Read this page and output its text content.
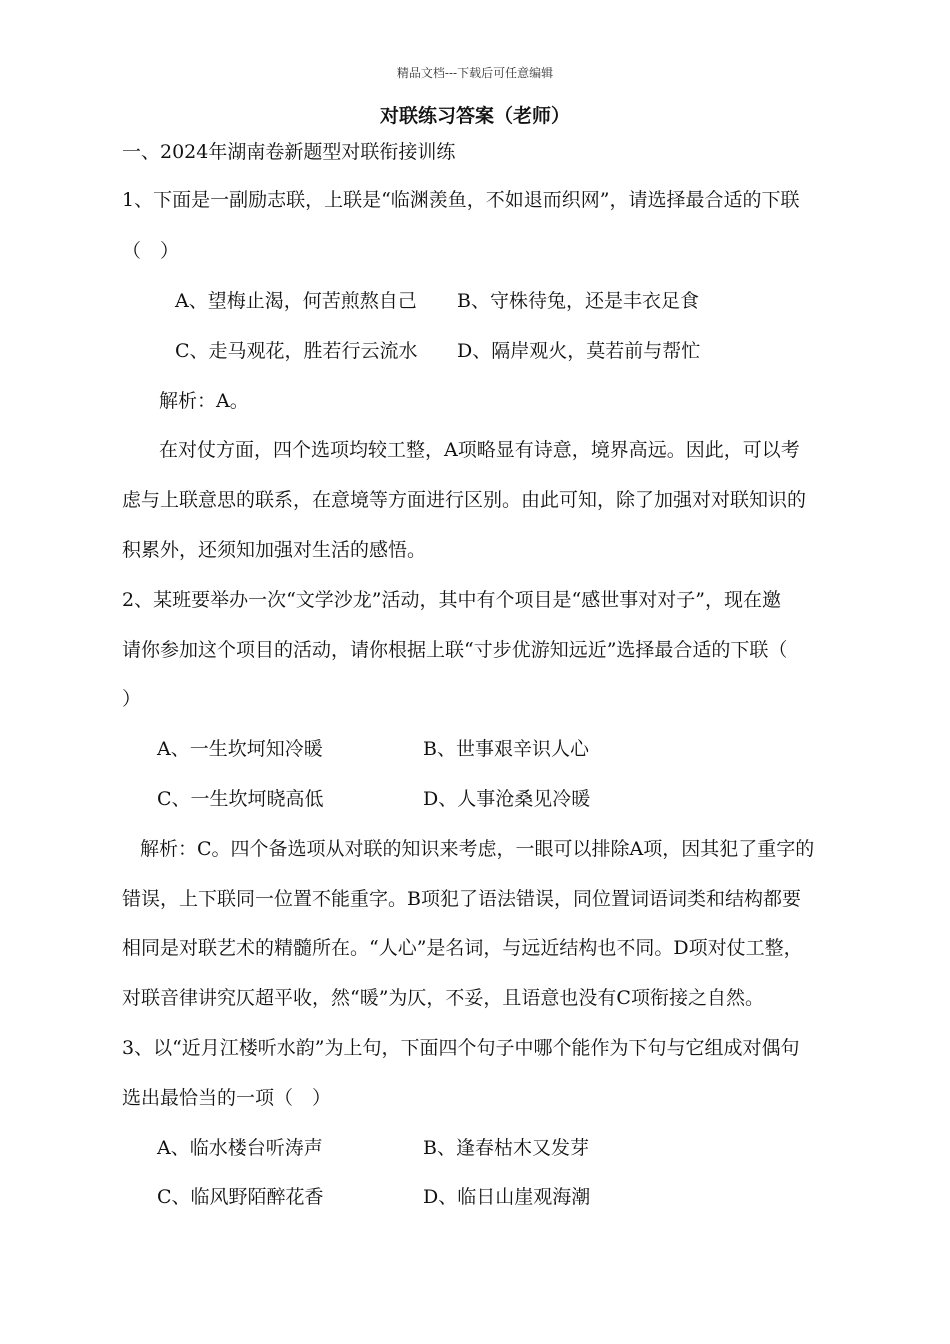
精品文档---下载后可任意编辑
对联练习答案（老师）
一、2024年湖南卷新题型对联衔接训练
1、下面是一副励志联，上联是“临渊羡鱼，不如退而织网”，请选择最合适的下联
（　）
A、望梅止渴，何苦煎熬自己 B、守株待兔，还是丰衣足食
C、走马观花，胜若行云流水 D、隔岸观火，莫若前与帮忙
解析：A。
在对仗方面，四个选项均较工整，A项略显有诗意，境界高远。因此，可以考
虑与上联意思的联系，在意境等方面进行区别。由此可知，除了加强对对联知识的
积累外，还须知加强对生活的感悟。
2、某班要举办一次“文学沙龙”活动，其中有个项目是“感世事对对子”，现在邀
请你参加这个项目的活动，请你根据上联“寸步优游知远近”选择最合适的下联（
）
A、一生坎坷知冷暖	B、世事艰辛识人心
C、一生坎坷晓高低	D、人事沧桑见冷暖
解析：C。四个备选项从对联的知识来考虑，一眼可以排除A项，因其犯了重字的
错误，上下联同一位置不能重字。B项犯了语法错误，同位置词语词类和结构都要
相同是对联艺术的精髓所在。“人心”是名词，与远近结构也不同。D项对仗工整，
对联音律讲究仄超平收，然“暖”为仄，不妥，且语意也没有C项衔接之自然。
3、以“近月江楼听水韵”为上句，下面四个句子中哪个能作为下句与它组成对偶句
选出最恰当的一项（　）
A、临水楼台听涛声	B、逢春枯木又发芽
C、临风野陌醉花香	D、临日山崖观海潮
